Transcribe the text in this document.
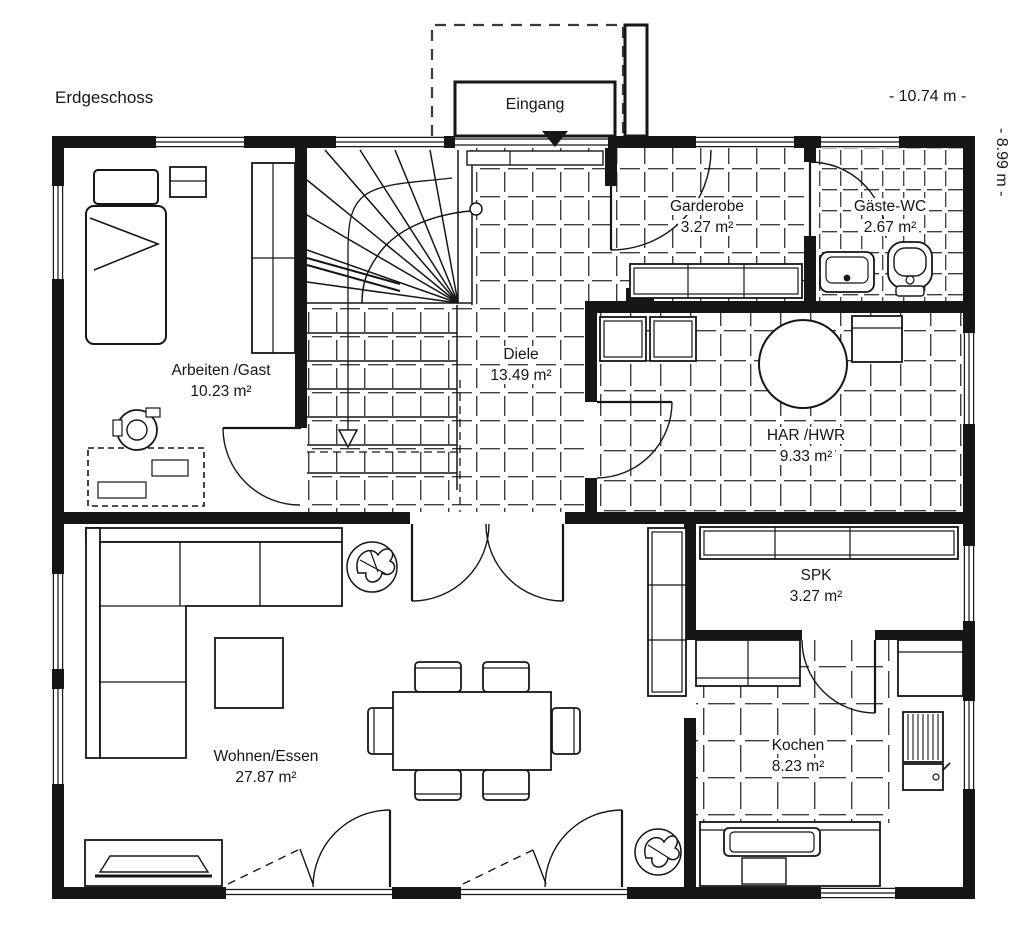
Erdgeschoss	- 10.74 m -
- 8.99 m -
Eingang
Garderobe
3.27 m²
Gäste-WC
2.67 m²
Diele
13.49 m²
Arbeiten /Gast
10.23 m²
HAR /HWR
9.33 m²
SPK
3.27 m²
Wohnen/Essen
27.87 m²
Kochen
8.23 m²
